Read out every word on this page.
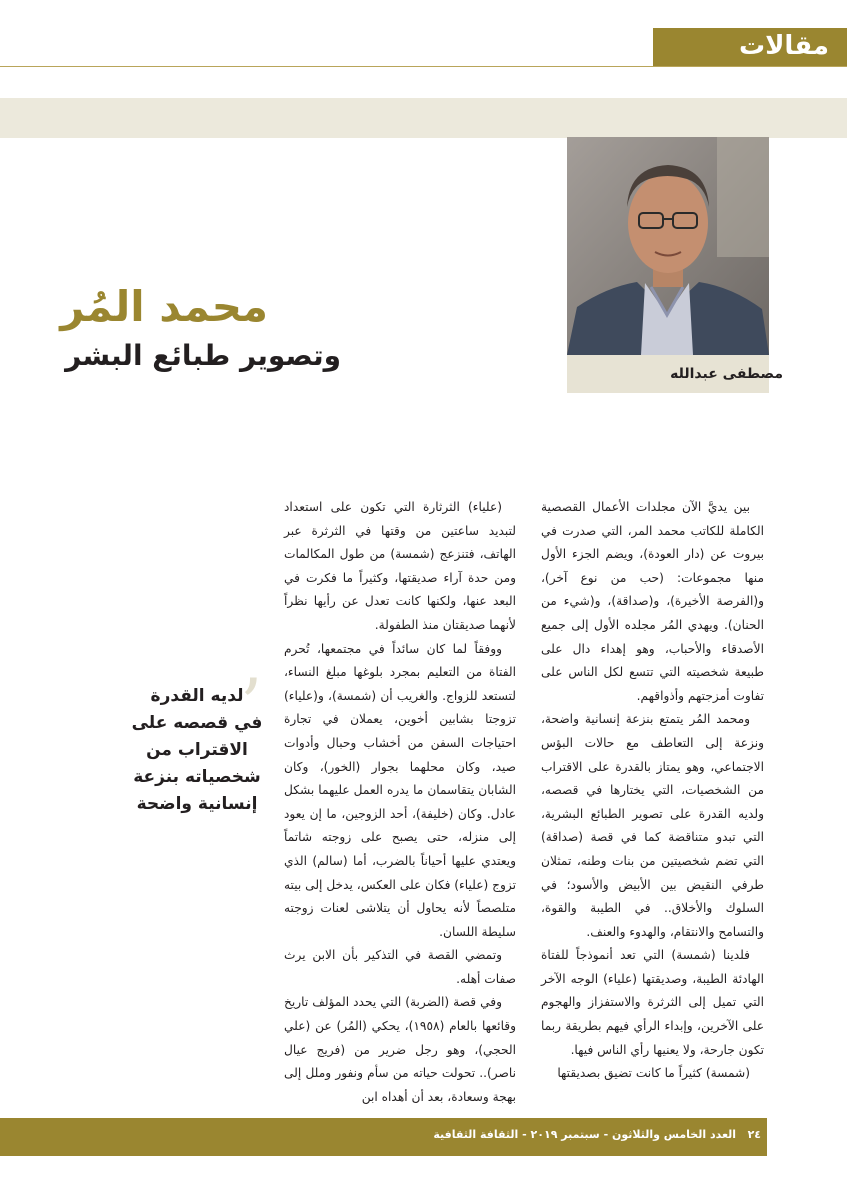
مقالات
مصطفى عبدالله
محمد المُر
وتصوير طبائع البشر
’
لديه القدرة
في قصصه على
الاقتراب من
شخصياته بنزعة
إنسانية واضحة

بين يديَّ الآن مجلدات الأعمال القصصية الكاملة للكاتب محمد المر، التي صدرت في بيروت عن (دار العودة)، ويضم الجزء الأول منها مجموعات: (حب من نوع آخر)، و(الفرصة الأخيرة)، و(صداقة)، و(شيء من الحنان). ويهدي المُر مجلده الأول إلى جميع الأصدقاء والأحباب، وهو إهداء دال على طبيعة شخصيته التي تتسع لكل الناس على تفاوت أمزجتهم وأذواقهم.

ومحمد المُر يتمتع بنزعة إنسانية واضحة، ونزعة إلى التعاطف مع حالات البؤس الاجتماعي، وهو يمتاز بالقدرة على الاقتراب من الشخصيات، التي يختارها في قصصه، ولديه القدرة على تصوير الطبائع البشرية، التي تبدو متناقضة كما في قصة (صداقة) التي تضم شخصيتين من بنات وطنه، تمثلان طرفي النقيض بين الأبيض والأسود؛ في السلوك والأخلاق.. في الطيبة والقوة، والتسامح والانتقام، والهدوء والعنف.

فلدينا (شمسة) التي تعد أنموذجاً للفتاة الهادئة الطيبة، وصديقتها (علياء) الوجه الآخر التي تميل إلى الثرثرة والاستفزاز والهجوم على الآخرين، وإبداء الرأي فيهم بطريقة ربما تكون جارحة، ولا يعنيها رأي الناس فيها.

(شمسة) كثيراً ما كانت تضيق بصديقتها

(علياء) الثرثارة التي تكون على استعداد لتبديد ساعتين من وقتها في الثرثرة عبر الهاتف، فتنزعج (شمسة) من طول المكالمات ومن حدة آراء صديقتها، وكثيراً ما فكرت في البعد عنها، ولكنها كانت تعدل عن رأيها نظراً لأنهما صديقتان منذ الطفولة.

ووفقاً لما كان سائداً في مجتمعها، تُحرم الفتاة من التعليم بمجرد بلوغها مبلغ النساء، لتستعد للزواج. والغريب أن (شمسة)، و(علياء) تزوجتا بشابين أخوين، يعملان في تجارة احتياجات السفن من أخشاب وحبال وأدوات صيد، وكان محلهما بجوار (الخور)، وكان الشابان يتقاسمان ما يدره العمل عليهما بشكل عادل. وكان (خليفة)، أحد الزوجين، ما إن يعود إلى منزله، حتى يصبح على زوجته شاتماً ويعتدي عليها أحياناً بالضرب، أما (سالم) الذي تزوج (علياء) فكان على العكس، يدخل إلى بيته متلصصاً لأنه يحاول أن يتلاشى لعنات زوجته سليطة اللسان.

وتمضي القصة في التذكير بأن الابن يرث صفات أهله.

وفي قصة (الضربة) التي يحدد المؤلف تاريخ وقائعها بالعام (١٩٥٨)، يحكي (المُر) عن (علي الحجي)، وهو رجل ضرير من (فريج عيال ناصر).. تحولت حياته من سأم ونفور وملل إلى بهجة وسعادة، بعد أن أهداه ابن

٢٤   العدد الخامس والثلاثون - سبتمبر ٢٠١٩ - الثقافة الثقافية
